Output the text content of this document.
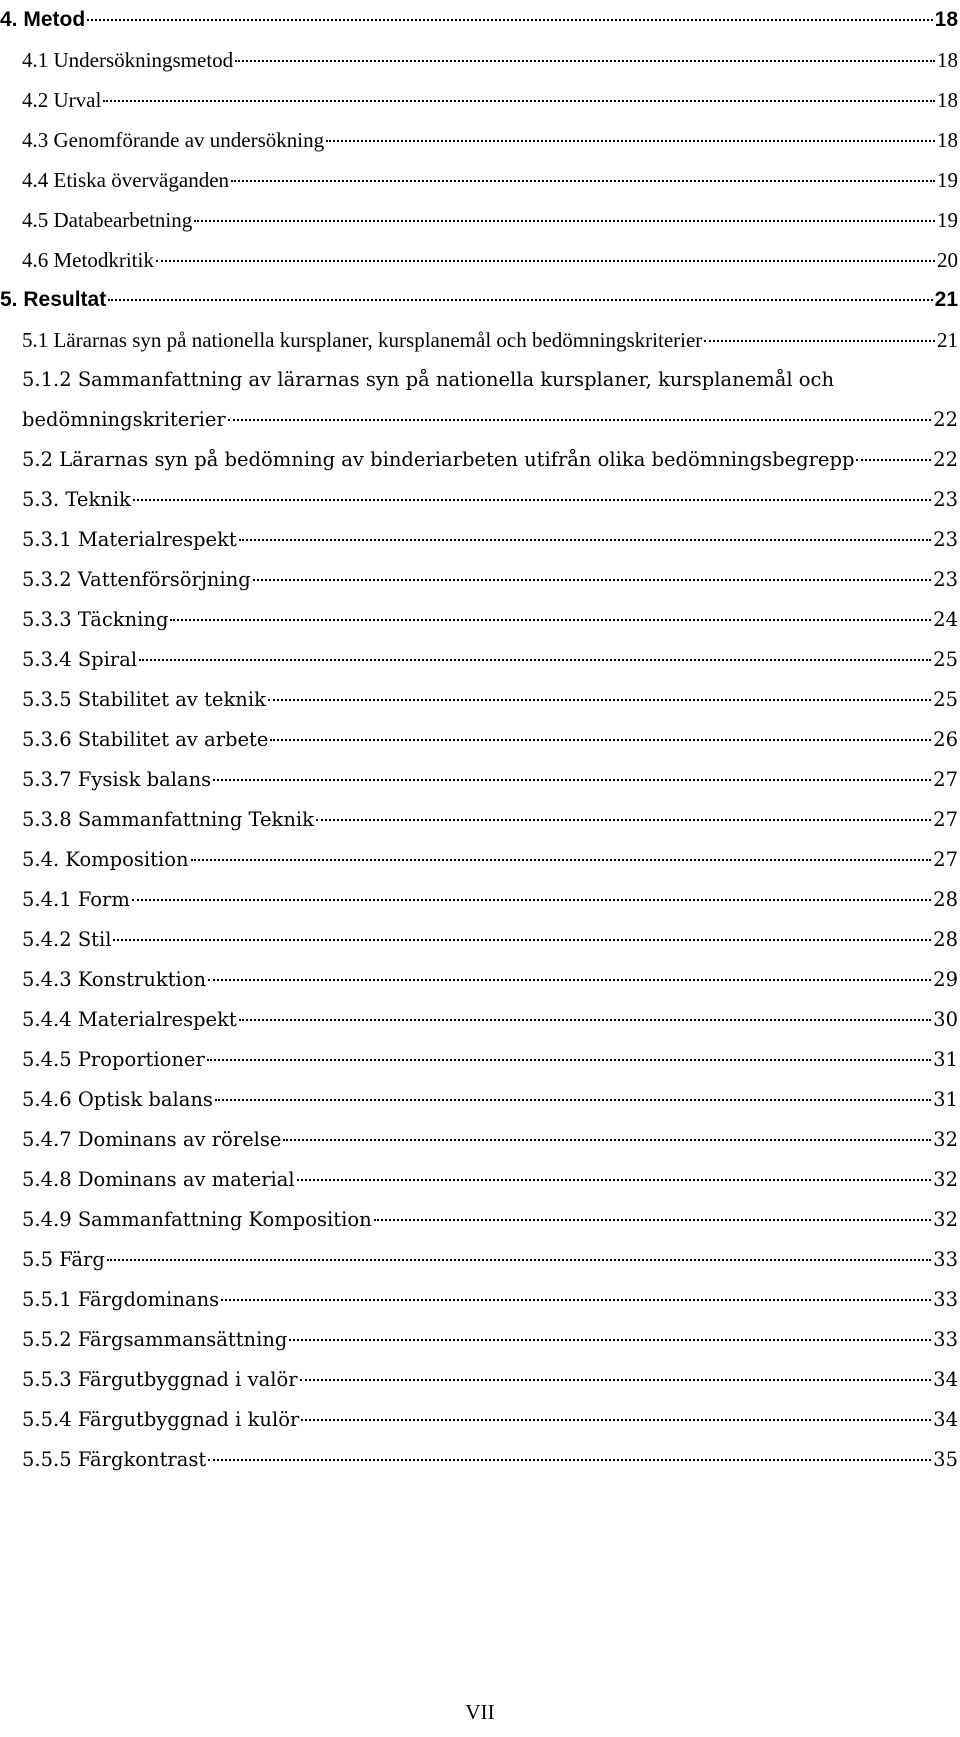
4. Metod	18
4.1 Undersökningsmetod	18
4.2 Urval	18
4.3 Genomförande av undersökning	18
4.4 Etiska överväganden	19
4.5 Databearbetning	19
4.6 Metodkritik	20
5. Resultat	21
5.1 Lärarnas syn på nationella kursplaner, kursplanemål och bedömningskriterier	21
5.1.2 Sammanfattning av lärarnas syn på nationella kursplaner, kursplanemål och
bedömningskriterier	22
5.2 Lärarnas syn på bedömning av binderiarbeten utifrån olika bedömningsbegrepp	22
5.3. Teknik	23
5.3.1 Materialrespekt	23
5.3.2 Vattenförsörjning	23
5.3.3 Täckning	24
5.3.4 Spiral	25
5.3.5 Stabilitet av teknik	25
5.3.6 Stabilitet av arbete	26
5.3.7 Fysisk balans	27
5.3.8 Sammanfattning Teknik	27
5.4. Komposition	27
5.4.1 Form	28
5.4.2 Stil	28
5.4.3 Konstruktion	29
5.4.4 Materialrespekt	30
5.4.5 Proportioner	31
5.4.6 Optisk balans	31
5.4.7 Dominans av rörelse	32
5.4.8 Dominans av material	32
5.4.9 Sammanfattning Komposition	32
5.5 Färg	33
5.5.1 Färgdominans	33
5.5.2 Färgsammansättning	33
5.5.3 Färgutbyggnad i valör	34
5.5.4 Färgutbyggnad i kulör	34
5.5.5 Färgkontrast	35
VII
